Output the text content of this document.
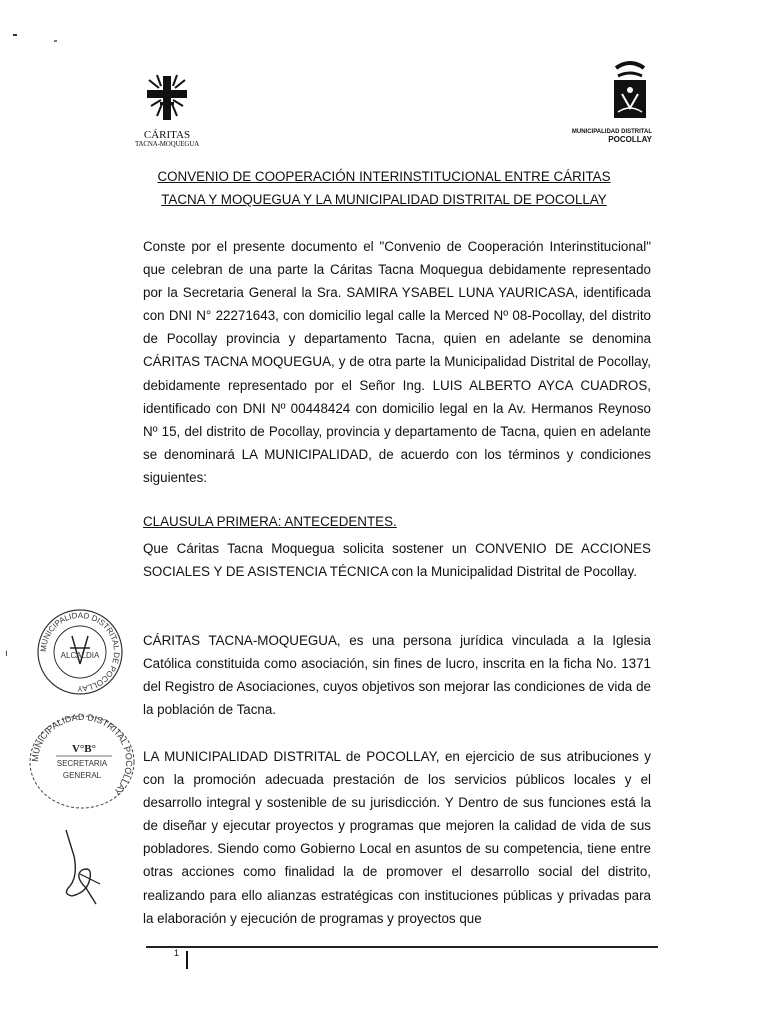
CÁRITAS
TACNA-MOQUEGUA
MUNICIPALIDAD DISTRITAL
POCOLLAY
CONVENIO DE COOPERACIÓN INTERINSTITUCIONAL ENTRE CÁRITAS
TACNA Y MOQUEGUA Y LA MUNICIPALIDAD DISTRITAL DE POCOLLAY
Conste por el presente documento el "Convenio de Cooperación Interinstitucional" que celebran de una parte la Cáritas Tacna Moquegua debidamente representado por la Secretaria General la Sra. SAMIRA YSABEL LUNA YAURICASA, identificada con DNI N° 22271643, con domicilio legal calle la Merced Nº 08-Pocollay, del distrito de Pocollay provincia y departamento Tacna, quien en adelante se denomina CÁRITAS TACNA MOQUEGUA, y de otra parte la Municipalidad Distrital de Pocollay, debidamente representado por el Señor Ing. LUIS ALBERTO AYCA CUADROS, identificado con DNI Nº 00448424 con domicilio legal en la Av. Hermanos Reynoso Nº 15, del distrito de Pocollay, provincia y departamento de Tacna, quien en adelante se denominará LA MUNICIPALIDAD, de acuerdo con los términos y condiciones siguientes:
CLAUSULA PRIMERA: ANTECEDENTES.
Que Cáritas Tacna Moquegua solicita sostener un CONVENIO DE ACCIONES SOCIALES Y DE ASISTENCIA TÉCNICA con la Municipalidad Distrital de Pocollay.
CÁRITAS TACNA-MOQUEGUA, es una persona jurídica vinculada a la Iglesia Católica constituida como asociación, sin fines de lucro, inscrita en la ficha No. 1371 del Registro de Asociaciones, cuyos objetivos son mejorar las condiciones de vida de la población de Tacna.
LA MUNICIPALIDAD DISTRITAL de POCOLLAY, en ejercicio de sus atribuciones y con la promoción adecuada prestación de los servicios públicos locales y el desarrollo integral y sostenible de su jurisdicción. Y Dentro de sus funciones está la de diseñar y ejecutar proyectos y programas que mejoren la calidad de vida de sus pobladores. Siendo como Gobierno Local en asuntos de su competencia, tiene entre otras acciones como finalidad la de promover el desarrollo social del distrito, realizando para ello alianzas estratégicas con instituciones públicas y privadas para la elaboración y ejecución de programas y proyectos que
MUNICIPALIDAD DISTRITAL DE POCOLLAY
ALCALDIA
MUNICIPALIDAD DISTRITAL POCOLLAY
V°B°
SECRETARIA
GENERAL
ı
1
